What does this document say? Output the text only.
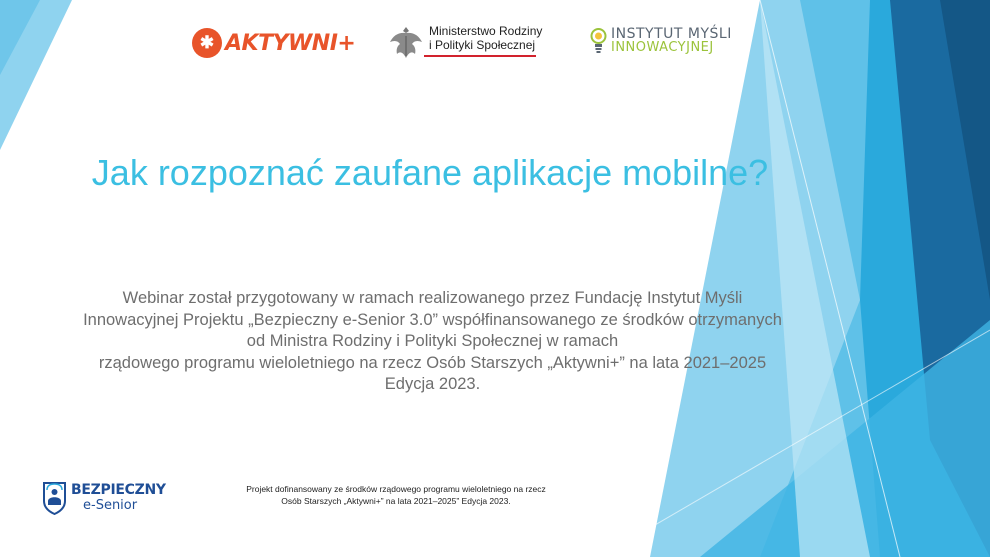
✱ AKTYWNI+	Ministerstwo Rodziny
i Polityki Społecznej
INSTYTUT MYŚLI
INNOWACYJNEJ
Jak rozpoznać zaufane aplikacje mobilne?
Webinar został przygotowany w ramach realizowanego przez Fundację Instytut Myśli
Innowacyjnej Projektu „Bezpieczny e-Senior 3.0” współfinansowanego ze środków otrzymanych
od Ministra Rodziny i Polityki Społecznej w ramach
rządowego programu wieloletniego na rzecz Osób Starszych „Aktywni+” na lata 2021–2025
Edycja 2023.
BEZPIECZNY
e-Senior
Projekt dofinansowany ze środków rządowego programu wieloletniego na rzecz
Osób Starszych „Aktywni+” na lata 2021–2025” Edycja 2023.
